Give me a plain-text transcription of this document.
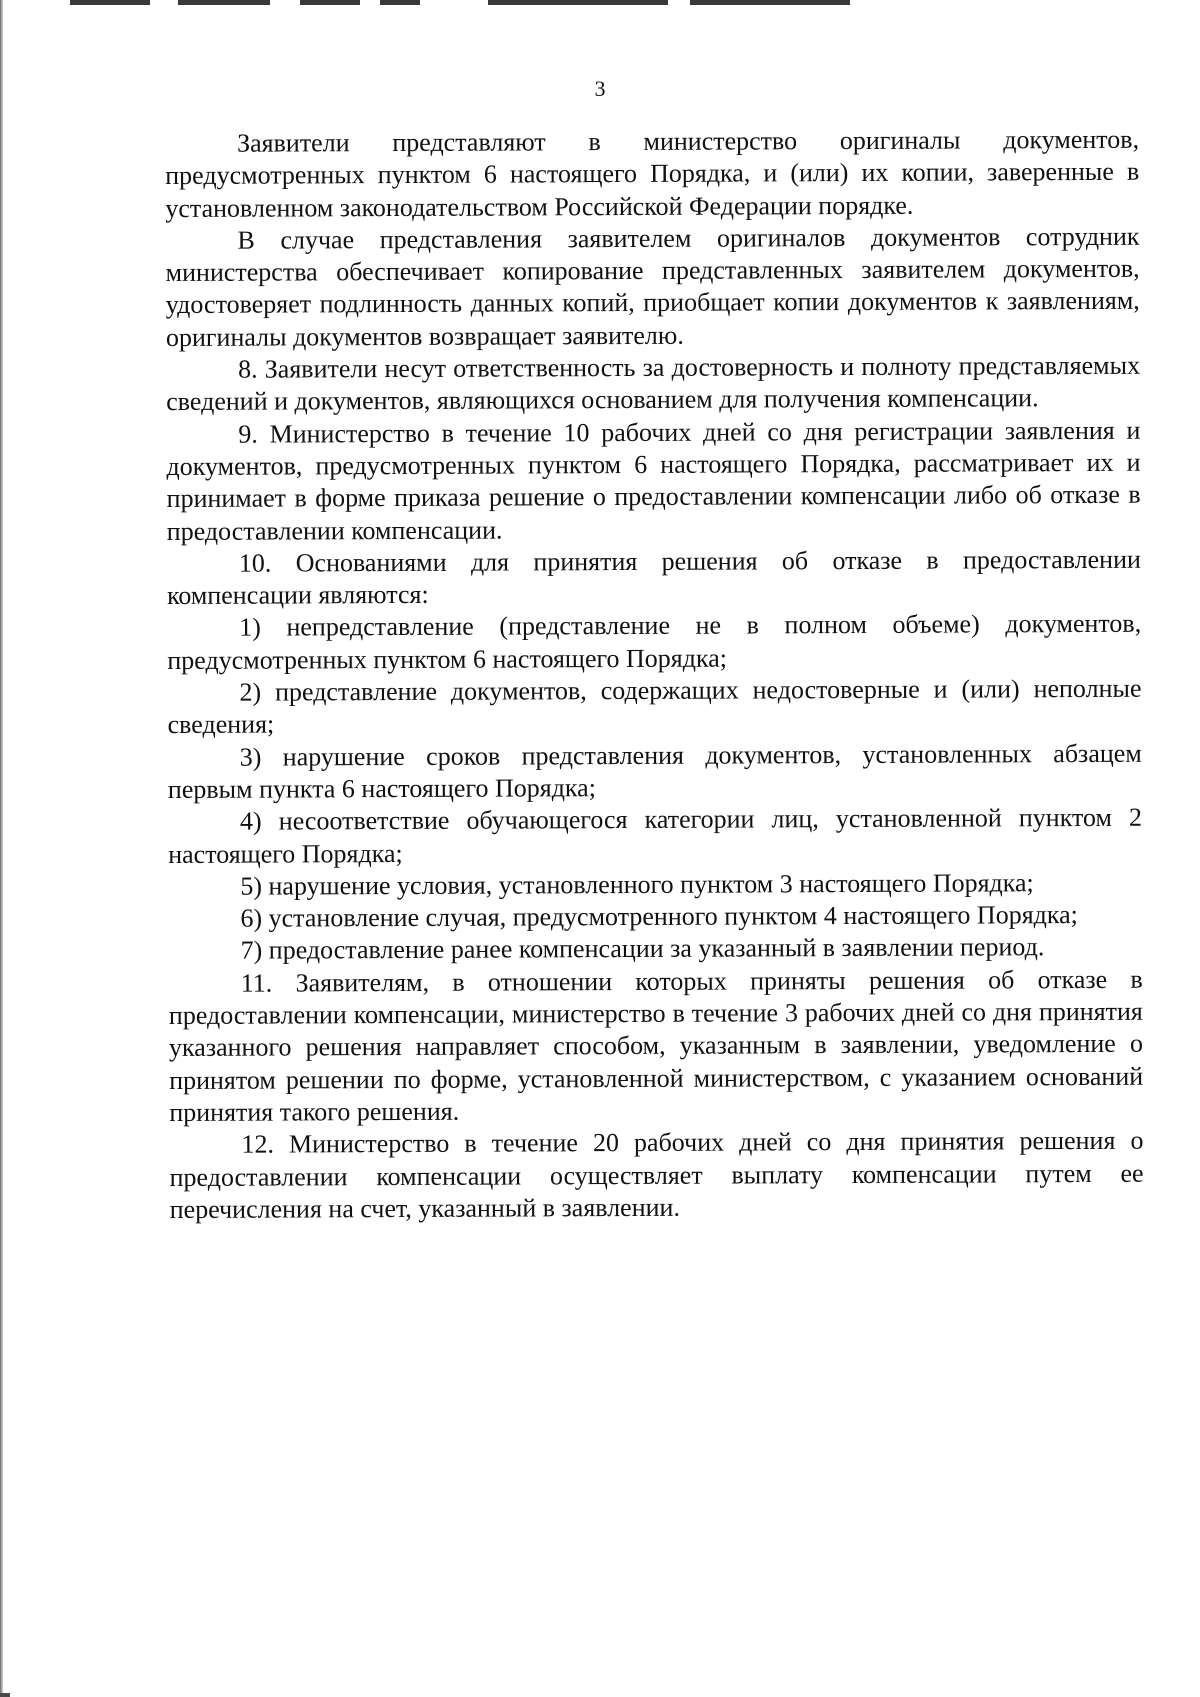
3

Заявители представляют в министерство оригиналы документов, предусмотренных пунктом 6 настоящего Порядка, и (или) их копии, заверенные в установленном законодательством Российской Федерации порядке.

В случае представления заявителем оригиналов документов сотрудник министерства обеспечивает копирование представленных заявителем документов, удостоверяет подлинность данных копий, приобщает копии документов к заявлениям, оригиналы документов возвращает заявителю.

8. Заявители несут ответственность за достоверность и полноту представляемых сведений и документов, являющихся основанием для получения компенсации.

9. Министерство в течение 10 рабочих дней со дня регистрации заявления и документов, предусмотренных пунктом 6 настоящего Порядка, рассматривает их и принимает в форме приказа решение о предоставлении компенсации либо об отказе в предоставлении компенсации.

10. Основаниями для принятия решения об отказе в предоставлении компенсации являются:

1) непредставление (представление не в полном объеме) документов, предусмотренных пунктом 6 настоящего Порядка;

2) представление документов, содержащих недостоверные и (или) неполные сведения;

3) нарушение сроков представления документов, установленных абзацем первым пункта 6 настоящего Порядка;

4) несоответствие обучающегося категории лиц, установленной пунктом 2 настоящего Порядка;

5) нарушение условия, установленного пунктом 3 настоящего Порядка;

6) установление случая, предусмотренного пунктом 4 настоящего Порядка;

7) предоставление ранее компенсации за указанный в заявлении период.

11. Заявителям, в отношении которых приняты решения об отказе в предоставлении компенсации, министерство в течение 3 рабочих дней со дня принятия указанного решения направляет способом, указанным в заявлении, уведомление о принятом решении по форме, установленной министерством, с указанием оснований принятия такого решения.

12. Министерство в течение 20 рабочих дней со дня принятия решения о предоставлении компенсации осуществляет выплату компенсации путем ее перечисления на счет, указанный в заявлении.
